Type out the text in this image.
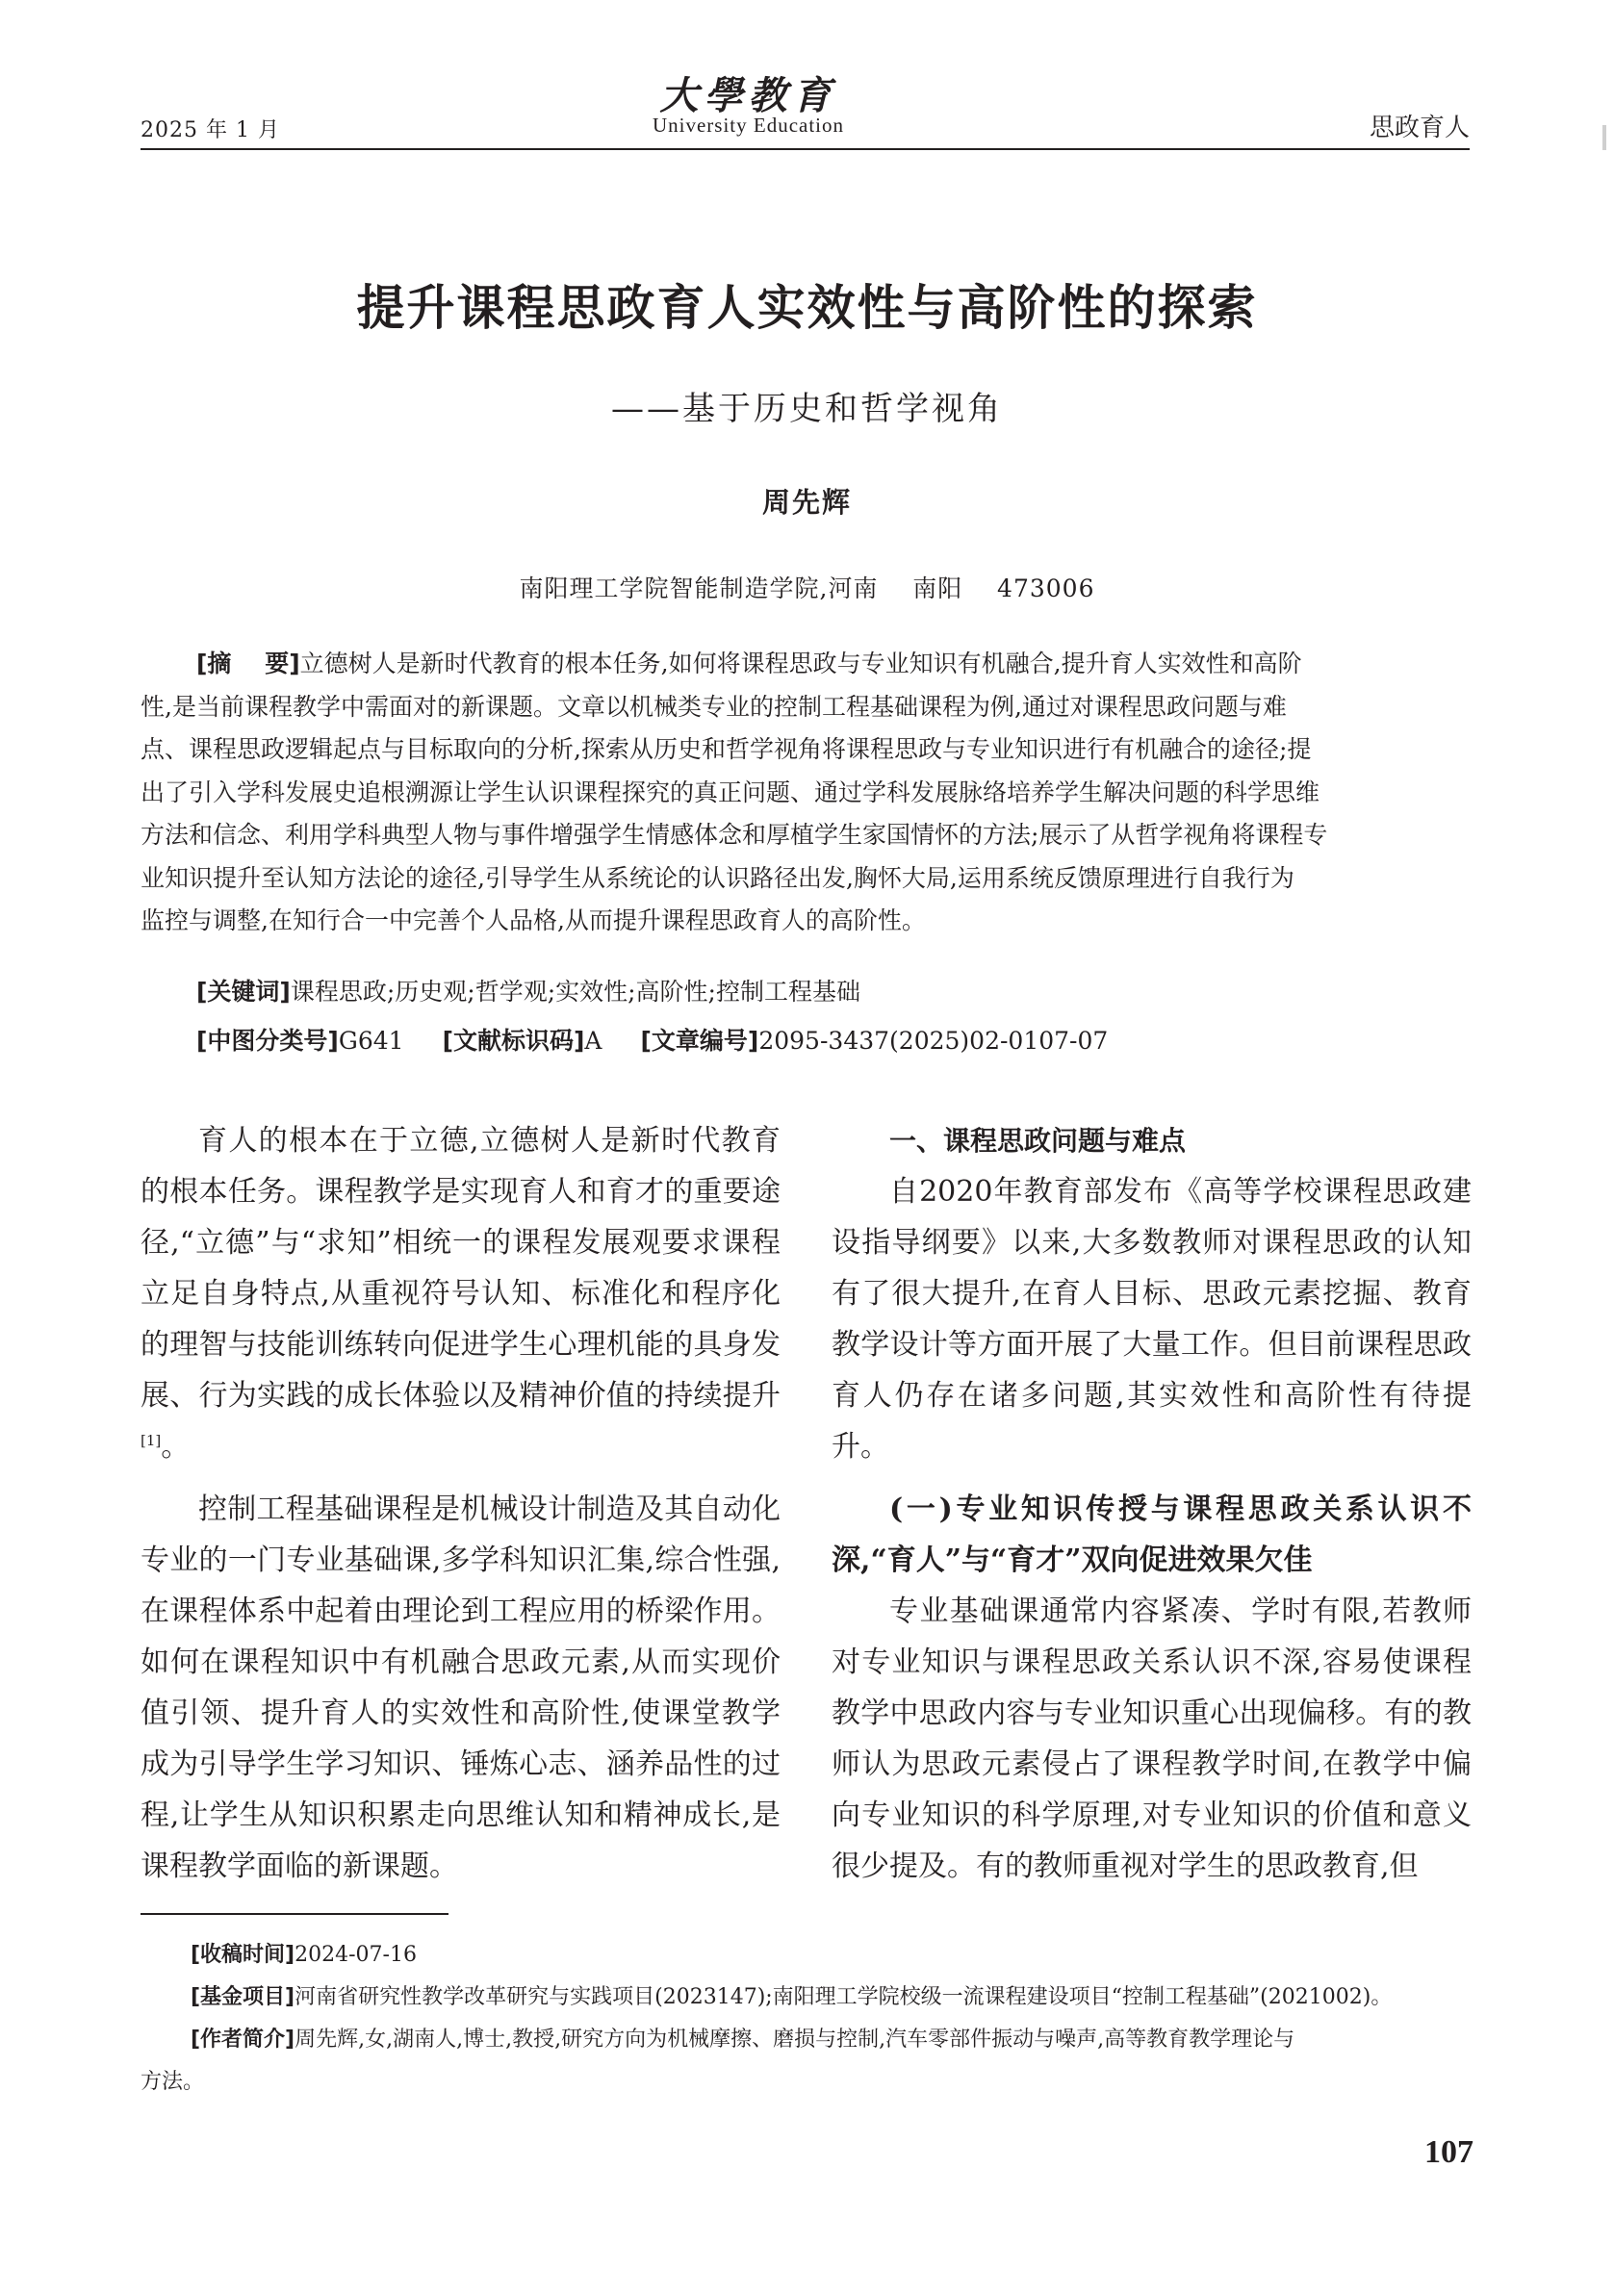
2025 年 1 月
大學教育
University Education	思政育人
提升课程思政育人实效性与高阶性的探索
——基于历史和哲学视角
周先辉
南阳理工学院智能制造学院,河南    南阳    473006
[摘    要]立德树人是新时代教育的根本任务,如何将课程思政与专业知识有机融合,提升育人实效性和高阶
性,是当前课程教学中需面对的新课题。文章以机械类专业的控制工程基础课程为例,通过对课程思政问题与难
点、课程思政逻辑起点与目标取向的分析,探索从历史和哲学视角将课程思政与专业知识进行有机融合的途径;提
出了引入学科发展史追根溯源让学生认识课程探究的真正问题、通过学科发展脉络培养学生解决问题的科学思维
方法和信念、利用学科典型人物与事件增强学生情感体念和厚植学生家国情怀的方法;展示了从哲学视角将课程专
业知识提升至认知方法论的途径,引导学生从系统论的认识路径出发,胸怀大局,运用系统反馈原理进行自我行为
监控与调整,在知行合一中完善个人品格,从而提升课程思政育人的高阶性。
[关键词]课程思政;历史观;哲学观;实效性;高阶性;控制工程基础
[中图分类号]G641 [文献标识码]A [文章编号]2095-3437(2025)02-0107-07

育人的根本在于立德,立德树人是新时代教育的根本任务。课程教学是实现育人和育才的重要途径,“立德”与“求知”相统一的课程发展观要求课程立足自身特点,从重视符号认知、标准化和程序化的理智与技能训练转向促进学生心理机能的具身发展、行为实践的成长体验以及精神价值的持续提升[1]。

控制工程基础课程是机械设计制造及其自动化专业的一门专业基础课,多学科知识汇集,综合性强,在课程体系中起着由理论到工程应用的桥梁作用。如何在课程知识中有机融合思政元素,从而实现价值引领、提升育人的实效性和高阶性,使课堂教学成为引导学生学习知识、锤炼心志、涵养品性的过程,让学生从知识积累走向思维认知和精神成长,是课程教学面临的新课题。

一、课程思政问题与难点

自2020年教育部发布《高等学校课程思政建设指导纲要》以来,大多数教师对课程思政的认知有了很大提升,在育人目标、思政元素挖掘、教育教学设计等方面开展了大量工作。但目前课程思政育人仍存在诸多问题,其实效性和高阶性有待提升。

(一)专业知识传授与课程思政关系认识不深,“育人”与“育才”双向促进效果欠佳

专业基础课通常内容紧凑、学时有限,若教师对专业知识与课程思政关系认识不深,容易使课程教学中思政内容与专业知识重心出现偏移。有的教师认为思政元素侵占了课程教学时间,在教学中偏向专业知识的科学原理,对专业知识的价值和意义很少提及。有的教师重视对学生的思政教育,但

[收稿时间]2024-07-16
[基金项目]河南省研究性教学改革研究与实践项目(2023147);南阳理工学院校级一流课程建设项目“控制工程基础”(2021002)。
[作者简介]周先辉,女,湖南人,博士,教授,研究方向为机械摩擦、磨损与控制,汽车零部件振动与噪声,高等教育教学理论与
方法。
107
